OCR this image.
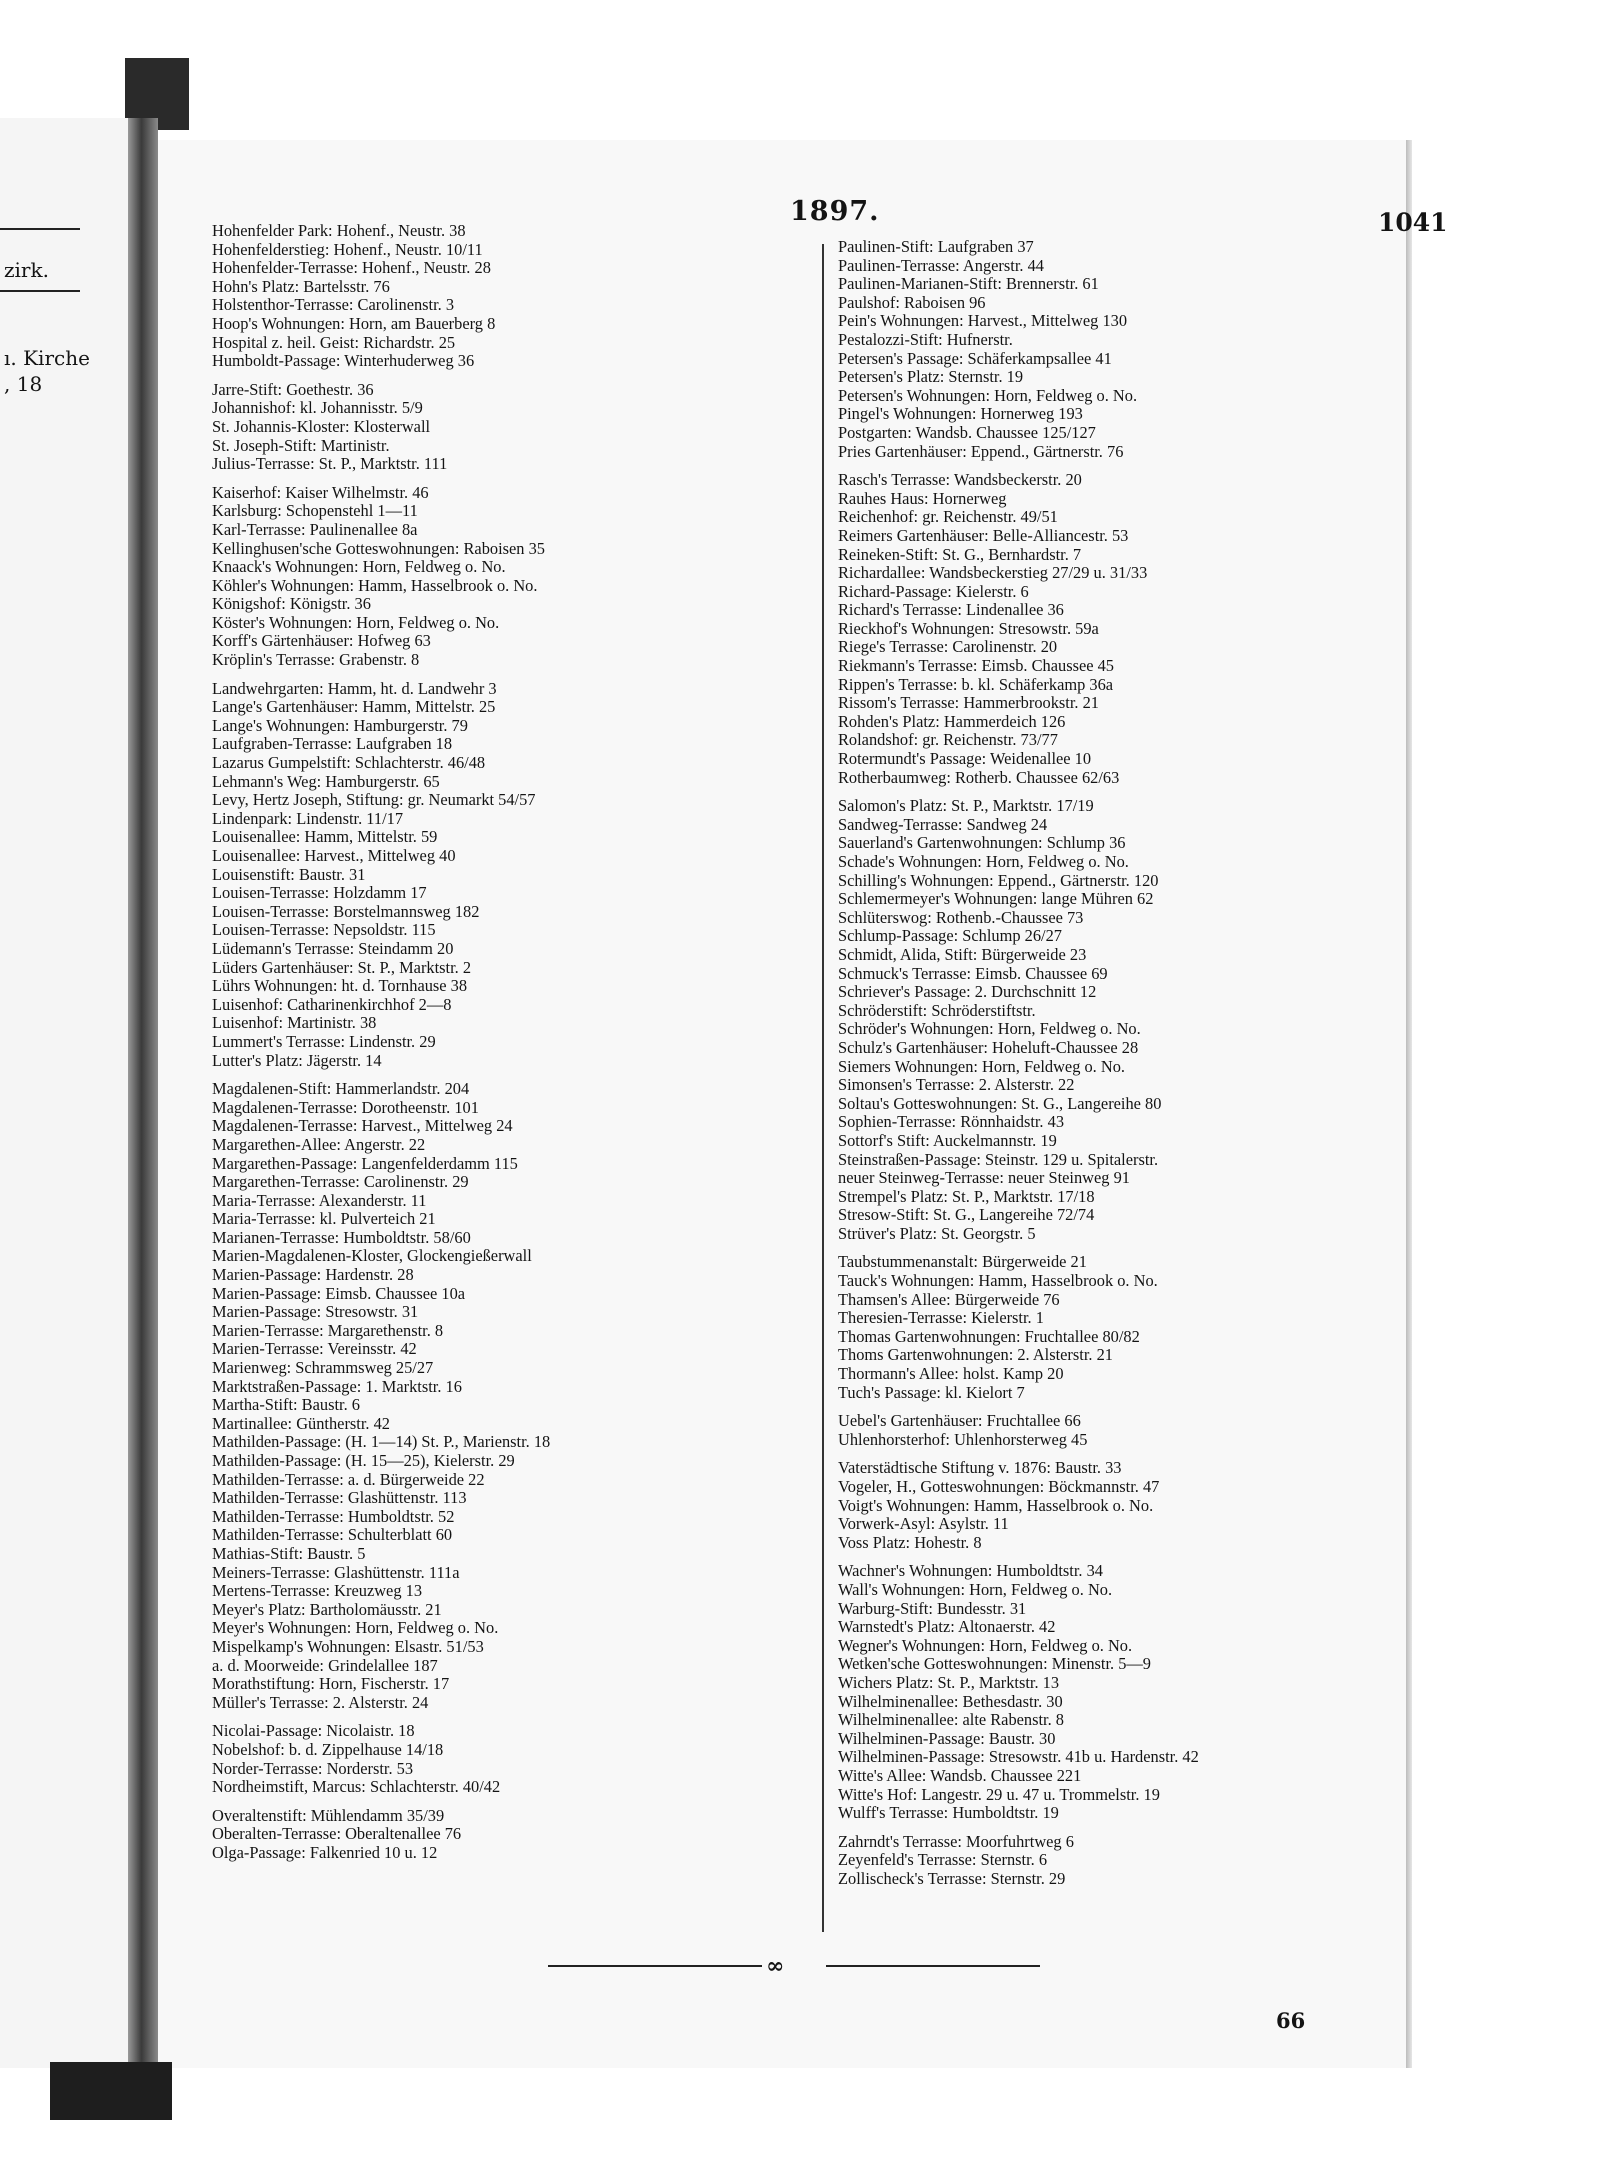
zirk.
ı. Kirche
, 18
1897.	1041
Hohenfelder Park: Hohenf., Neustr. 38
Hohenfelderstieg: Hohenf., Neustr. 10/11
Hohenfelder-Terrasse: Hohenf., Neustr. 28
Hohn's Platz: Bartelsstr. 76
Holstenthor-Terrasse: Carolinenstr. 3
Hoop's Wohnungen: Horn, am Bauerberg 8
Hospital z. heil. Geist: Richardstr. 25
Humboldt-Passage: Winterhuderweg 36
Jarre-Stift: Goethestr. 36
Johannishof: kl. Johannisstr. 5/9
St. Johannis-Kloster: Klosterwall
St. Joseph-Stift: Martinistr.
Julius-Terrasse: St. P., Marktstr. 111
Kaiserhof: Kaiser Wilhelmstr. 46
Karlsburg: Schopenstehl 1—11
Karl-Terrasse: Paulinenallee 8a
Kellinghusen'sche Gotteswohnungen: Raboisen 35
Knaack's Wohnungen: Horn, Feldweg o. No.
Köhler's Wohnungen: Hamm, Hasselbrook o. No.
Königshof: Königstr. 36
Köster's Wohnungen: Horn, Feldweg o. No.
Korff's Gärtenhäuser: Hofweg 63
Kröplin's Terrasse: Grabenstr. 8
Landwehrgarten: Hamm, ht. d. Landwehr 3
Lange's Gartenhäuser: Hamm, Mittelstr. 25
Lange's Wohnungen: Hamburgerstr. 79
Laufgraben-Terrasse: Laufgraben 18
Lazarus Gumpelstift: Schlachterstr. 46/48
Lehmann's Weg: Hamburgerstr. 65
Levy, Hertz Joseph, Stiftung: gr. Neumarkt 54/57
Lindenpark: Lindenstr. 11/17
Louisenallee: Hamm, Mittelstr. 59
Louisenallee: Harvest., Mittelweg 40
Louisenstift: Baustr. 31
Louisen-Terrasse: Holzdamm 17
Louisen-Terrasse: Borstelmannsweg 182
Louisen-Terrasse: Nepsoldstr. 115
Lüdemann's Terrasse: Steindamm 20
Lüders Gartenhäuser: St. P., Marktstr. 2
Lührs Wohnungen: ht. d. Tornhause 38
Luisenhof: Catharinenkirchhof 2—8
Luisenhof: Martinistr. 38
Lummert's Terrasse: Lindenstr. 29
Lutter's Platz: Jägerstr. 14
Magdalenen-Stift: Hammerlandstr. 204
Magdalenen-Terrasse: Dorotheenstr. 101
Magdalenen-Terrasse: Harvest., Mittelweg 24
Margarethen-Allee: Angerstr. 22
Margarethen-Passage: Langenfelderdamm 115
Margarethen-Terrasse: Carolinenstr. 29
Maria-Terrasse: Alexanderstr. 11
Maria-Terrasse: kl. Pulverteich 21
Marianen-Terrasse: Humboldtstr. 58/60
Marien-Magdalenen-Kloster, Glockengießerwall
Marien-Passage: Hardenstr. 28
Marien-Passage: Eimsb. Chaussee 10a
Marien-Passage: Stresowstr. 31
Marien-Terrasse: Margarethenstr. 8
Marien-Terrasse: Vereinsstr. 42
Marienweg: Schrammsweg 25/27
Marktstraßen-Passage: 1. Marktstr. 16
Martha-Stift: Baustr. 6
Martinallee: Güntherstr. 42
Mathilden-Passage: (H. 1—14) St. P., Marienstr. 18
Mathilden-Passage: (H. 15—25), Kielerstr. 29
Mathilden-Terrasse: a. d. Bürgerweide 22
Mathilden-Terrasse: Glashüttenstr. 113
Mathilden-Terrasse: Humboldtstr. 52
Mathilden-Terrasse: Schulterblatt 60
Mathias-Stift: Baustr. 5
Meiners-Terrasse: Glashüttenstr. 111a
Mertens-Terrasse: Kreuzweg 13
Meyer's Platz: Bartholomäusstr. 21
Meyer's Wohnungen: Horn, Feldweg o. No.
Mispelkamp's Wohnungen: Elsastr. 51/53
a. d. Moorweide: Grindelallee 187
Morathstiftung: Horn, Fischerstr. 17
Müller's Terrasse: 2. Alsterstr. 24
Nicolai-Passage: Nicolaistr. 18
Nobelshof: b. d. Zippelhause 14/18
Norder-Terrasse: Norderstr. 53
Nordheimstift, Marcus: Schlachterstr. 40/42
Overaltenstift: Mühlendamm 35/39
Oberalten-Terrasse: Oberaltenallee 76
Olga-Passage: Falkenried 10 u. 12
Paulinen-Stift: Laufgraben 37
Paulinen-Terrasse: Angerstr. 44
Paulinen-Marianen-Stift: Brennerstr. 61
Paulshof: Raboisen 96
Pein's Wohnungen: Harvest., Mittelweg 130
Pestalozzi-Stift: Hufnerstr.
Petersen's Passage: Schäferkampsallee 41
Petersen's Platz: Sternstr. 19
Petersen's Wohnungen: Horn, Feldweg o. No.
Pingel's Wohnungen: Hornerweg 193
Postgarten: Wandsb. Chaussee 125/127
Pries Gartenhäuser: Eppend., Gärtnerstr. 76
Rasch's Terrasse: Wandsbeckerstr. 20
Rauhes Haus: Hornerweg
Reichenhof: gr. Reichenstr. 49/51
Reimers Gartenhäuser: Belle-Alliancestr. 53
Reineken-Stift: St. G., Bernhardstr. 7
Richardallee: Wandsbeckerstieg 27/29 u. 31/33
Richard-Passage: Kielerstr. 6
Richard's Terrasse: Lindenallee 36
Rieckhof's Wohnungen: Stresowstr. 59a
Riege's Terrasse: Carolinenstr. 20
Riekmann's Terrasse: Eimsb. Chaussee 45
Rippen's Terrasse: b. kl. Schäferkamp 36a
Rissom's Terrasse: Hammerbrookstr. 21
Rohden's Platz: Hammerdeich 126
Rolandshof: gr. Reichenstr. 73/77
Rotermundt's Passage: Weidenallee 10
Rotherbaumweg: Rotherb. Chaussee 62/63
Salomon's Platz: St. P., Marktstr. 17/19
Sandweg-Terrasse: Sandweg 24
Sauerland's Gartenwohnungen: Schlump 36
Schade's Wohnungen: Horn, Feldweg o. No.
Schilling's Wohnungen: Eppend., Gärtnerstr. 120
Schlemermeyer's Wohnungen: lange Mühren 62
Schlüterswog: Rothenb.-Chaussee 73
Schlump-Passage: Schlump 26/27
Schmidt, Alida, Stift: Bürgerweide 23
Schmuck's Terrasse: Eimsb. Chaussee 69
Schriever's Passage: 2. Durchschnitt 12
Schröderstift: Schröderstiftstr.
Schröder's Wohnungen: Horn, Feldweg o. No.
Schulz's Gartenhäuser: Hoheluft-Chaussee 28
Siemers Wohnungen: Horn, Feldweg o. No.
Simonsen's Terrasse: 2. Alsterstr. 22
Soltau's Gotteswohnungen: St. G., Langereihe 80
Sophien-Terrasse: Rönnhaidstr. 43
Sottorf's Stift: Auckelmannstr. 19
Steinstraßen-Passage: Steinstr. 129 u. Spitalerstr.
neuer Steinweg-Terrasse: neuer Steinweg 91
Strempel's Platz: St. P., Marktstr. 17/18
Stresow-Stift: St. G., Langereihe 72/74
Strüver's Platz: St. Georgstr. 5
Taubstummenanstalt: Bürgerweide 21
Tauck's Wohnungen: Hamm, Hasselbrook o. No.
Thamsen's Allee: Bürgerweide 76
Theresien-Terrasse: Kielerstr. 1
Thomas Gartenwohnungen: Fruchtallee 80/82
Thoms Gartenwohnungen: 2. Alsterstr. 21
Thormann's Allee: holst. Kamp 20
Tuch's Passage: kl. Kielort 7
Uebel's Gartenhäuser: Fruchtallee 66
Uhlenhorsterhof: Uhlenhorsterweg 45
Vaterstädtische Stiftung v. 1876: Baustr. 33
Vogeler, H., Gotteswohnungen: Böckmannstr. 47
Voigt's Wohnungen: Hamm, Hasselbrook o. No.
Vorwerk-Asyl: Asylstr. 11
Voss Platz: Hohestr. 8
Wachner's Wohnungen: Humboldtstr. 34
Wall's Wohnungen: Horn, Feldweg o. No.
Warburg-Stift: Bundesstr. 31
Warnstedt's Platz: Altonaerstr. 42
Wegner's Wohnungen: Horn, Feldweg o. No.
Wetken'sche Gotteswohnungen: Minenstr. 5—9
Wichers Platz: St. P., Marktstr. 13
Wilhelminenallee: Bethesdastr. 30
Wilhelminenallee: alte Rabenstr. 8
Wilhelminen-Passage: Baustr. 30
Wilhelminen-Passage: Stresowstr. 41b u. Hardenstr. 42
Witte's Allee: Wandsb. Chaussee 221
Witte's Hof: Langestr. 29 u. 47 u. Trommelstr. 19
Wulff's Terrasse: Humboldtstr. 19
Zahrndt's Terrasse: Moorfuhrtweg 6
Zeyenfeld's Terrasse: Sternstr. 6
Zollischeck's Terrasse: Sternstr. 29
∞
66
